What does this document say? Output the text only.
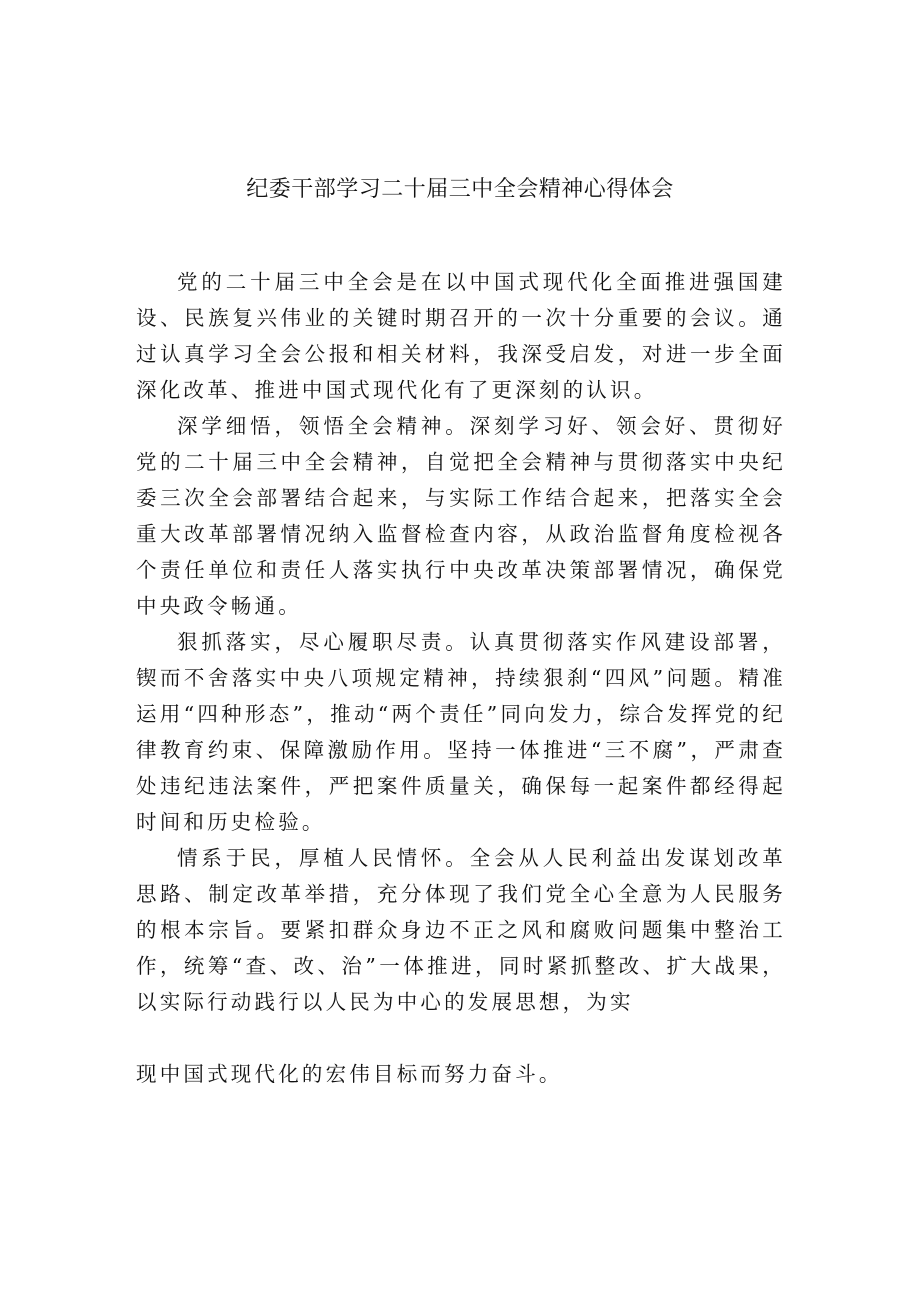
纪委干部学习二十届三中全会精神心得体会

党的二十届三中全会是在以中国式现代化全面推进强国建设、民族复兴伟业的关键时期召开的一次十分重要的会议。通过认真学习全会公报和相关材料，我深受启发，对进一步全面深化改革、推进中国式现代化有了更深刻的认识。

深学细悟，领悟全会精神。深刻学习好、领会好、贯彻好党的二十届三中全会精神，自觉把全会精神与贯彻落实中央纪委三次全会部署结合起来，与实际工作结合起来，把落实全会重大改革部署情况纳入监督检查内容，从政治监督角度检视各个责任单位和责任人落实执行中央改革决策部署情况，确保党中央政令畅通。

狠抓落实，尽心履职尽责。认真贯彻落实作风建设部署，锲而不舍落实中央八项规定精神，持续狠刹“四风”问题。精准运用“四种形态”，推动“两个责任”同向发力，综合发挥党的纪律教育约束、保障激励作用。坚持一体推进“三不腐”，严肃查处违纪违法案件，严把案件质量关，确保每一起案件都经得起时间和历史检验。

情系于民，厚植人民情怀。全会从人民利益出发谋划改革思路、制定改革举措，充分体现了我们党全心全意为人民服务的根本宗旨。要紧扣群众身边不正之风和腐败问题集中整治工作，统筹“查、改、治”一体推进，同时紧抓整改、扩大战果，以实际行动践行以人民为中心的发展思想，为实

现中国式现代化的宏伟目标而努力奋斗。
